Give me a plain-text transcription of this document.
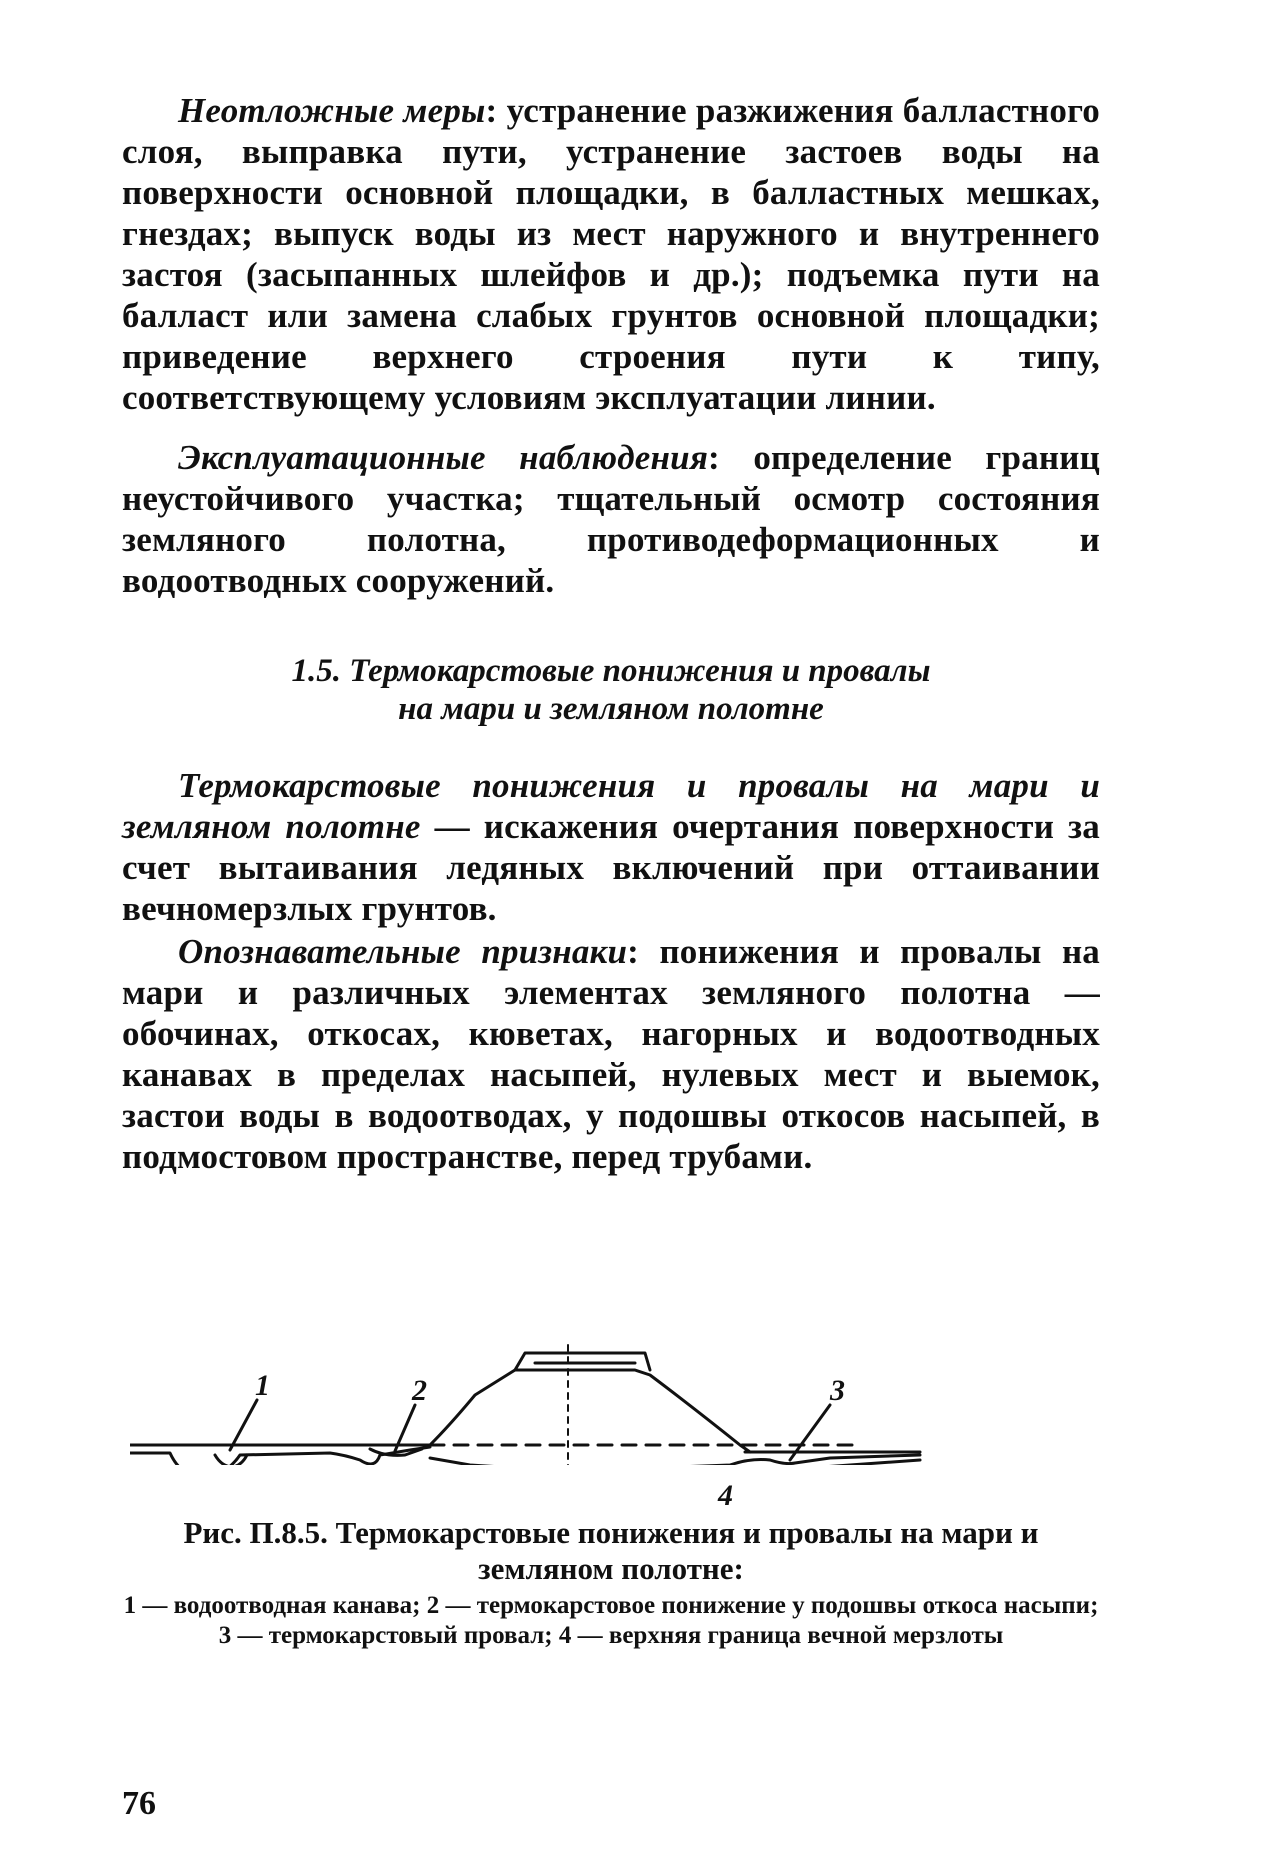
Неотложные меры: устранение разжижения балластного слоя, выправка пути, устранение застоев воды на поверхности основной площадки, в балластных мешках, гнездах; выпуск воды из мест наружного и внутреннего застоя (засыпанных шлейфов и др.); подъемка пути на балласт или замена слабых грунтов основной площадки; приведение верхнего строения пути к типу, соответствующему условиям эксплуатации линии.

Эксплуатационные наблюдения: определение границ неустойчивого участка; тщательный осмотр состояния земляного полотна, противодеформационных и водоотводных сооружений.

1.5. Термокарстовые понижения и провалы
на мари и земляном полотне

Термокарстовые понижения и провалы на мари и земляном полотне — искажения очертания поверхности за счет вытаивания ледяных включений при оттаивании вечномерзлых грунтов.

Опознавательные признаки: понижения и провалы на мари и различных элементах земляного полотна — обочинах, откосах, кюветах, нагорных и водоотводных канавах в пределах насыпей, нулевых мест и выемок, застои воды в водоотводах, у подошвы откосов насыпей, в подмостовом пространстве, перед трубами.

1	2	3
4

Рис. П.8.5. Термокарстовые понижения и провалы на мари и земляном полотне:
1 — водоотводная канава; 2 — термокарстовое понижение у подошвы откоса насыпи; 3 — термокарстовый провал; 4 — верхняя граница вечной мерзлоты

76
